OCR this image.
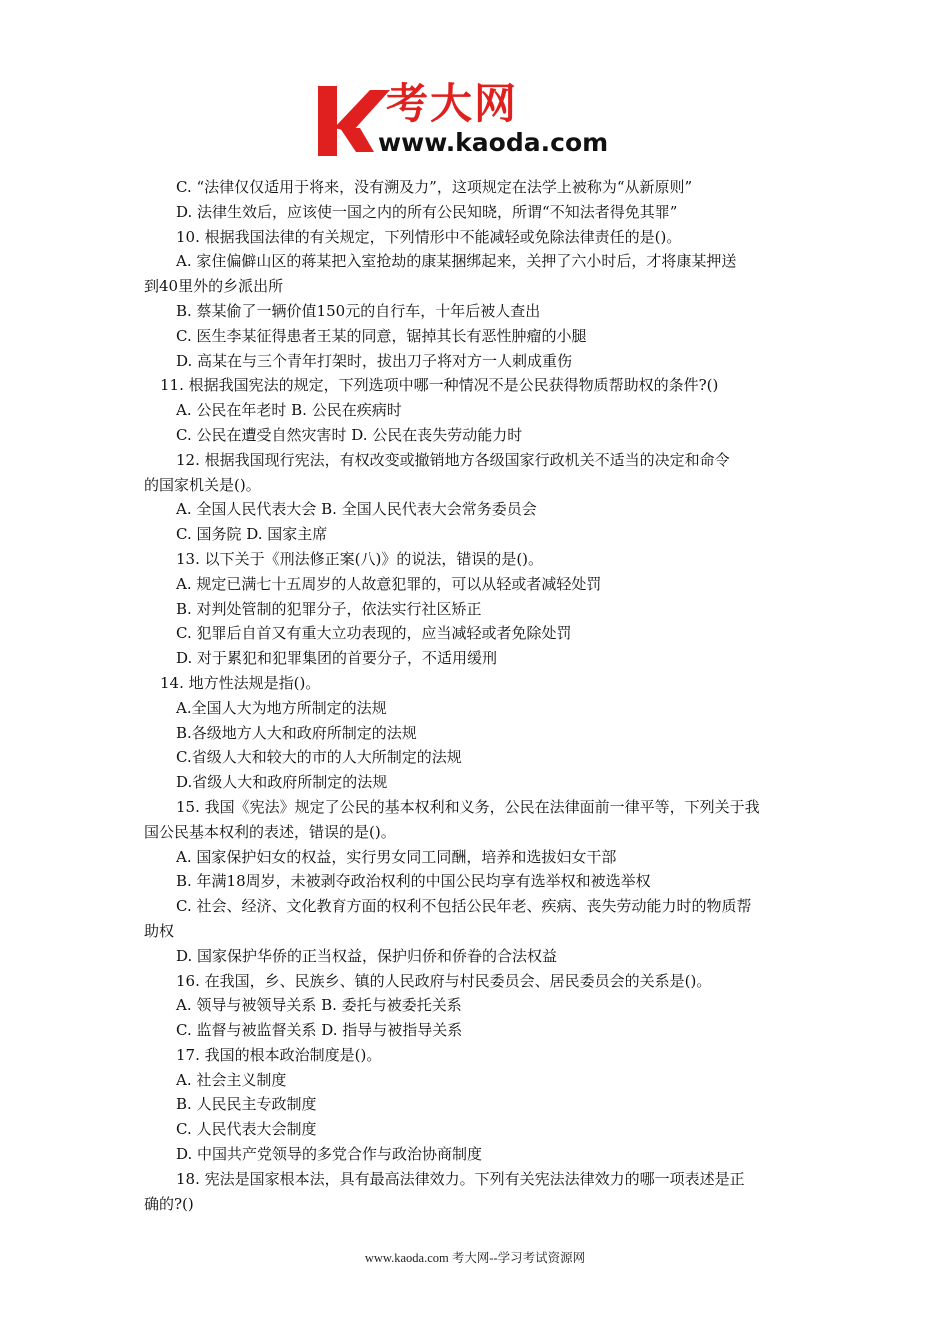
考大网
www.kaoda.com
C. “法律仅仅适用于将来，没有溯及力”，这项规定在法学上被称为“从新原则”
D. 法律生效后，应该使一国之内的所有公民知晓，所谓“不知法者得免其罪”
10. 根据我国法律的有关规定，下列情形中不能减轻或免除法律责任的是()。
A. 家住偏僻山区的蒋某把入室抢劫的康某捆绑起来，关押了六小时后，才将康某押送
到40里外的乡派出所
B. 蔡某偷了一辆价值150元的自行车，十年后被人查出
C. 医生李某征得患者王某的同意，锯掉其长有恶性肿瘤的小腿
D. 高某在与三个青年打架时，拔出刀子将对方一人刺成重伤
11. 根据我国宪法的规定，下列选项中哪一种情况不是公民获得物质帮助权的条件?()
A. 公民在年老时 B. 公民在疾病时
C. 公民在遭受自然灾害时 D. 公民在丧失劳动能力时
12. 根据我国现行宪法，有权改变或撤销地方各级国家行政机关不适当的决定和命令
的国家机关是()。
A. 全国人民代表大会 B. 全国人民代表大会常务委员会
C. 国务院 D. 国家主席
13. 以下关于《刑法修正案(八)》的说法，错误的是()。
A. 规定已满七十五周岁的人故意犯罪的，可以从轻或者减轻处罚
B. 对判处管制的犯罪分子，依法实行社区矫正
C. 犯罪后自首又有重大立功表现的，应当减轻或者免除处罚
D. 对于累犯和犯罪集团的首要分子，不适用缓刑
14. 地方性法规是指()。
A.全国人大为地方所制定的法规
B.各级地方人大和政府所制定的法规
C.省级人大和较大的市的人大所制定的法规
D.省级人大和政府所制定的法规
15. 我国《宪法》规定了公民的基本权利和义务，公民在法律面前一律平等，下列关于我
国公民基本权利的表述，错误的是()。
A. 国家保护妇女的权益，实行男女同工同酬，培养和选拔妇女干部
B. 年满18周岁，未被剥夺政治权利的中国公民均享有选举权和被选举权
C. 社会、经济、文化教育方面的权利不包括公民年老、疾病、丧失劳动能力时的物质帮
助权
D. 国家保护华侨的正当权益，保护归侨和侨眷的合法权益
16. 在我国，乡、民族乡、镇的人民政府与村民委员会、居民委员会的关系是()。
A. 领导与被领导关系 B. 委托与被委托关系
C. 监督与被监督关系 D. 指导与被指导关系
17. 我国的根本政治制度是()。
A. 社会主义制度
B. 人民民主专政制度
C. 人民代表大会制度
D. 中国共产党领导的多党合作与政治协商制度
18. 宪法是国家根本法，具有最高法律效力。下列有关宪法法律效力的哪一项表述是正
确的?()
www.kaoda.com 考大网--学习考试资源网
